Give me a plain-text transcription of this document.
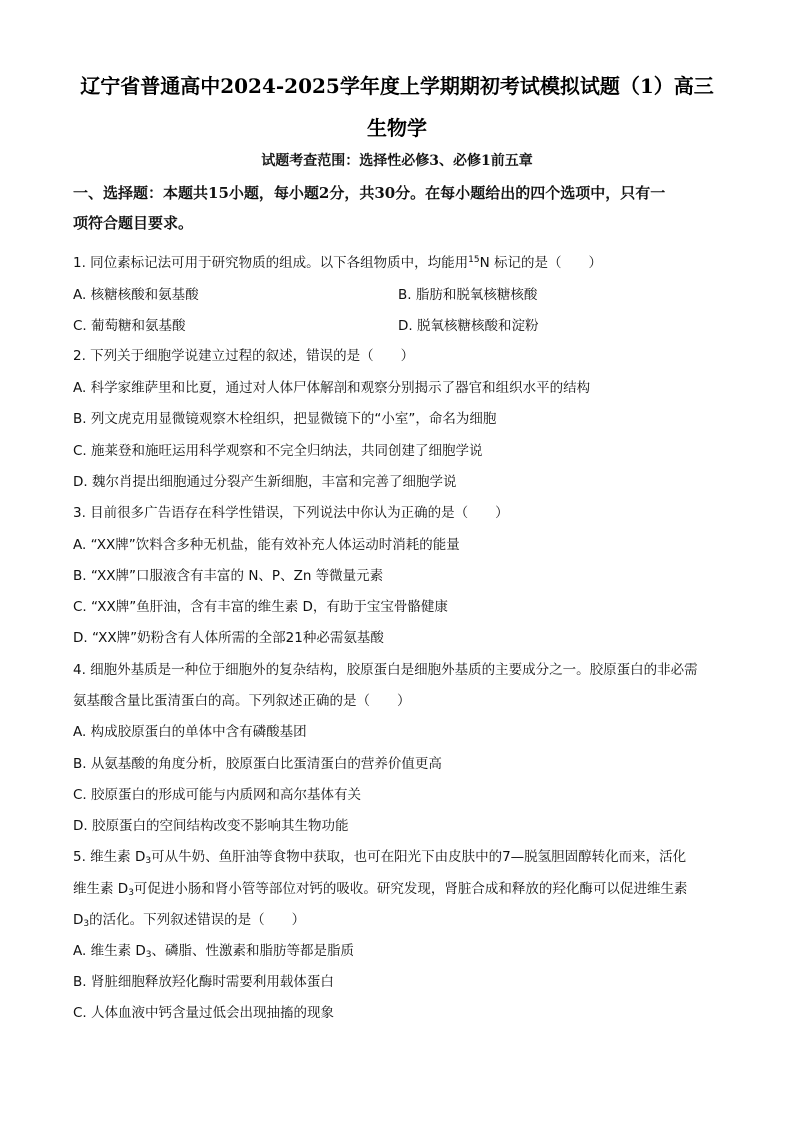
辽宁省普通高中2024-2025学年度上学期期初考试模拟试题（1）高三
生物学
试题考查范围：选择性必修3、必修1前五章
一、选择题：本题共15小题，每小题2分，共30分。在每小题给出的四个选项中，只有一
项符合题目要求。
1. 同位素标记法可用于研究物质的组成。以下各组物质中，均能用$^{15}$N 标记的是（　　）
A. 核糖核酸和氨基酸	B. 脂肪和脱氧核糖核酸
C. 葡萄糖和氨基酸	D. 脱氧核糖核酸和淀粉
2. 下列关于细胞学说建立过程的叙述，错误的是（　　）
A. 科学家维萨里和比夏，通过对人体尸体解剖和观察分别揭示了器官和组织水平的结构
B. 列文虎克用显微镜观察木栓组织，把显微镜下的“小室”，命名为细胞
C. 施莱登和施旺运用科学观察和不完全归纳法，共同创建了细胞学说
D. 魏尔肖提出细胞通过分裂产生新细胞，丰富和完善了细胞学说
3. 目前很多广告语存在科学性错误，下列说法中你认为正确的是（　　）
A. “XX牌”饮料含多种无机盐，能有效补充人体运动时消耗的能量
B. “XX牌”口服液含有丰富的 N、P、Zn 等微量元素
C. “XX牌”鱼肝油，含有丰富的维生素 D，有助于宝宝骨骼健康
D. “XX牌”奶粉含有人体所需的全部21种必需氨基酸
4. 细胞外基质是一种位于细胞外的复杂结构，胶原蛋白是细胞外基质的主要成分之一。胶原蛋白的非必需
氨基酸含量比蛋清蛋白的高。下列叙述正确的是（　　）
A. 构成胶原蛋白的单体中含有磷酸基团
B. 从氨基酸的角度分析，胶原蛋白比蛋清蛋白的营养价值更高
C. 胶原蛋白的形成可能与内质网和高尔基体有关
D. 胶原蛋白的空间结构改变不影响其生物功能
5. 维生素 $D_3$可从牛奶、鱼肝油等食物中获取，也可在阳光下由皮肤中的7—脱氢胆固醇转化而来，活化
维生素 $D_3$可促进小肠和肾小管等部位对钙的吸收。研究发现，肾脏合成和释放的羟化酶可以促进维生素
$D_3$的活化。下列叙述错误的是（　　）
A. 维生素 $D_3$、磷脂、性激素和脂肪等都是脂质
B. 肾脏细胞释放羟化酶时需要利用载体蛋白
C. 人体血液中钙含量过低会出现抽搐的现象
